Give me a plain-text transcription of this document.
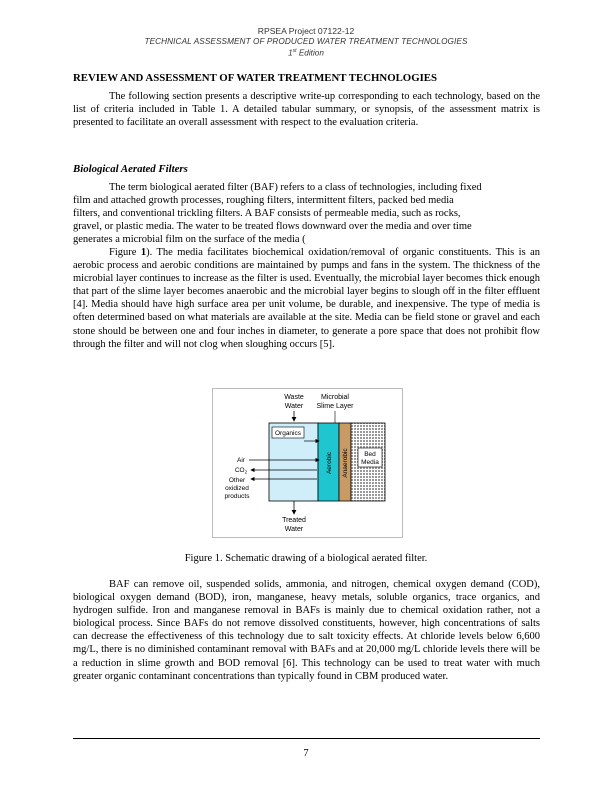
RPSEA Project 07122-12
TECHNICAL ASSESSMENT OF PRODUCED WATER TREATMENT TECHNOLOGIES
1st Edition
REVIEW AND ASSESSMENT OF WATER TREATMENT TECHNOLOGIES
The following section presents a descriptive write-up corresponding to each technology, based on the list of criteria included in Table 1. A detailed tabular summary, or synopsis, of the assessment matrix is presented to facilitate an overall assessment with respect to the evaluation criteria.
Biological Aerated Filters
The term biological aerated filter (BAF) refers to a class of technologies, including fixed
film and attached growth processes, roughing filters, intermittent filters, packed bed media
filters, and conventional trickling filters. A BAF consists of permeable media, such as rocks,
gravel, or plastic media. The water to be treated flows downward over the media and over time
generates a microbial film on the surface of the media (
Figure 1). The media facilitates biochemical oxidation/removal of organic constituents. This is an aerobic process and aerobic conditions are maintained by pumps and fans in the system. The thickness of the microbial layer continues to increase as the filter is used. Eventually, the microbial layer becomes thick enough that part of the slime layer becomes anaerobic and the microbial layer begins to slough off in the filter effluent [4]. Media should have high surface area per unit volume, be durable, and inexpensive. The type of media is often determined based on what materials are available at the site. Media can be field stone or gravel and each stone should be between one and four inches in diameter, to generate a pore space that does not prohibit flow through the filter and will not clog when sloughing occurs [5].
Waste
Water
Microbial
Slime Layer
Organics
Air
$CO_2$
Other
oxidized
products
Aerobic Anaerobic Bed
Media
Treated
Water
Figure 1. Schematic drawing of a biological aerated filter.
BAF can remove oil, suspended solids, ammonia, and nitrogen, chemical oxygen demand (COD), biological oxygen demand (BOD), iron, manganese, heavy metals, soluble organics, trace organics, and hydrogen sulfide. Iron and manganese removal in BAFs is mainly due to chemical oxidation rather, not a biological process. Since BAFs do not remove dissolved constituents, however, high concentrations of salts can decrease the effectiveness of this technology due to salt toxicity effects. At chloride levels below 6,600 mg/L, there is no diminished contaminant removal with BAFs and at 20,000 mg/L chloride levels there will be a reduction in slime growth and BOD removal [6]. This technology can be used to treat water with much greater organic contaminant concentrations than typically found in CBM produced water.
7
